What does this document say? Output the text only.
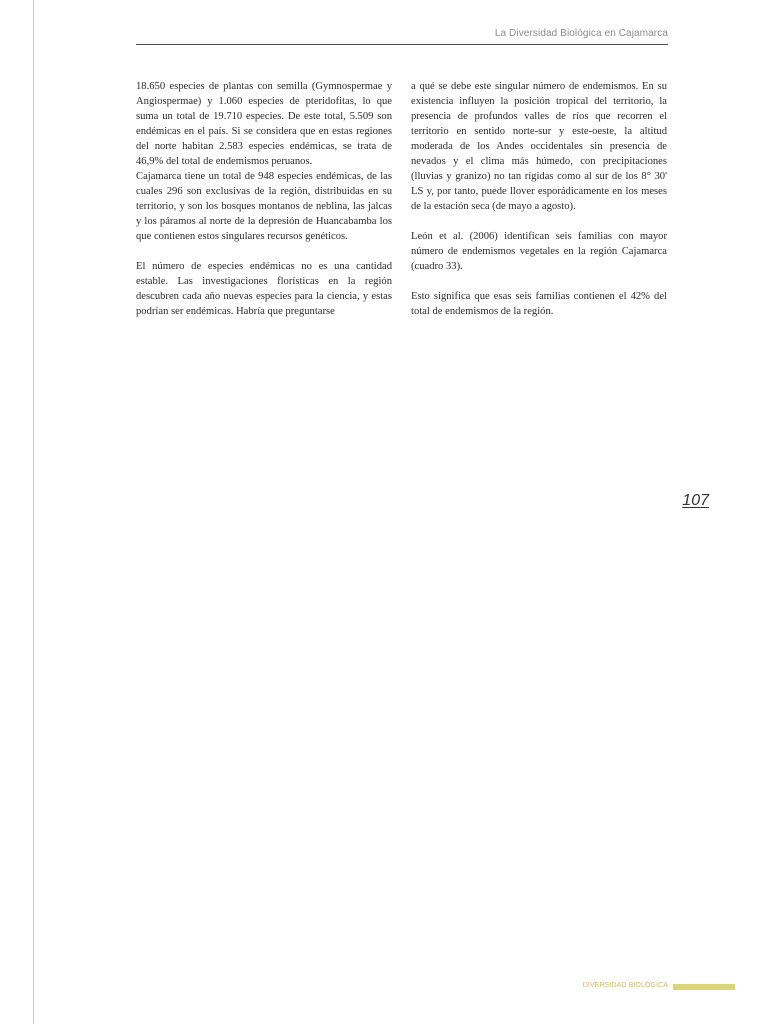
La Diversidad Biológica en Cajamarca

18.650 especies de plantas con semilla (Gymnospermae y Angiospermae) y 1.060 especies de pteridofitas, lo que suma un total de 19.710 especies. De este total, 5.509 son endémicas en el país. Si se considera que en estas regiones del norte habitan 2.583 especies endémicas, se trata de 46,9% del total de endemismos peruanos.

Cajamarca tiene un total de 948 especies endémicas, de las cuales 296 son exclusivas de la región, distribuidas en su territorio, y son los bosques montanos de neblina, las jalcas y los páramos al norte de la depresión de Huancabamba los que contienen estos singulares recursos genéticos.

El número de especies endémicas no es una cantidad estable. Las investigaciones florísticas en la región descubren cada año nuevas especies para la ciencia, y estas podrían ser endémicas. Habría que preguntarse

a qué se debe este singular número de endemismos. En su existencia influyen la posición tropical del territorio, la presencia de profundos valles de ríos que recorren el territorio en sentido norte-sur y este-oeste, la altitud moderada de los Andes occidentales sin presencia de nevados y el clima más húmedo, con precipitaciones (lluvias y granizo) no tan rígidas como al sur de los 8° 30' LS y, por tanto, puede llover esporádicamente en los meses de la estación seca (de mayo a agosto).

León et al. (2006) identifican seis familias con mayor número de endemismos vegetales en la región Cajamarca (cuadro 33).

Esto significa que esas seis familias contienen el 42% del total de endemismos de la región.

107
DIVERSIDAD BIOLÓGICA
